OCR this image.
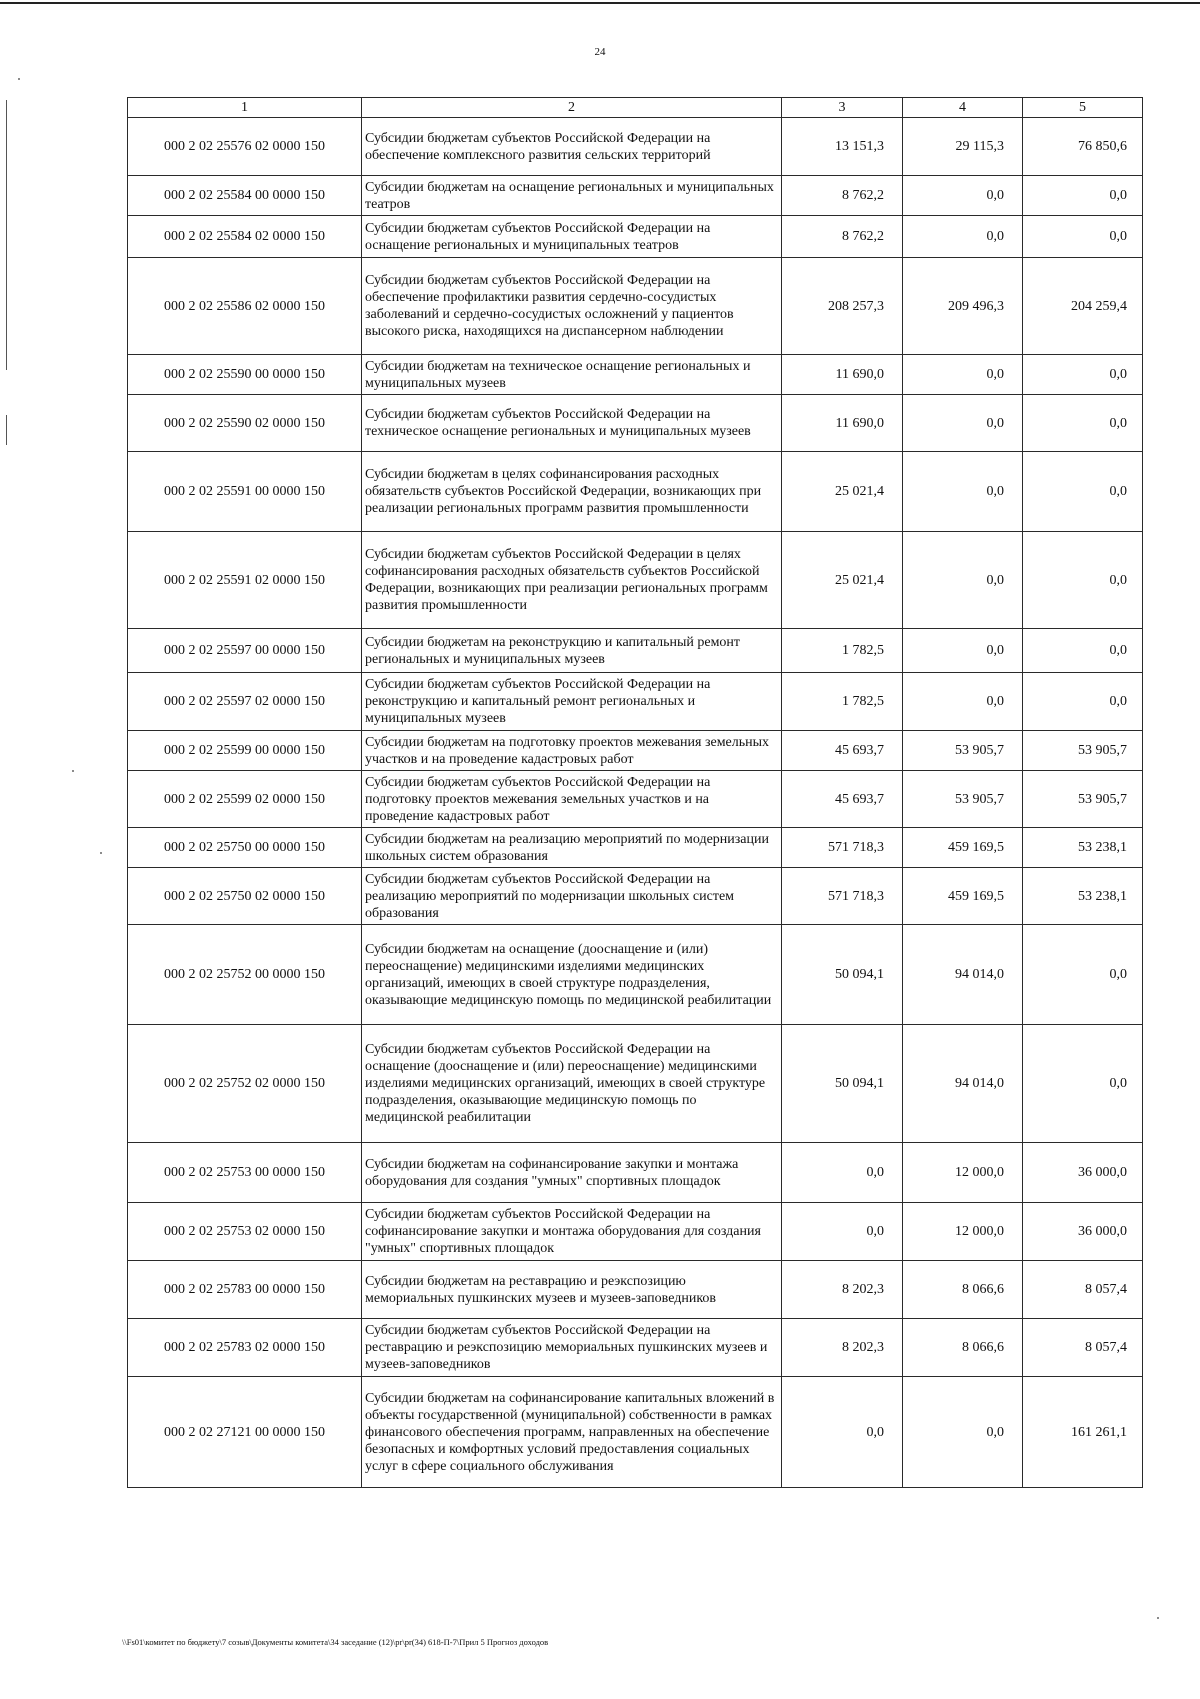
24
1	2	3	4	5
000 2 02 25576 02 0000 150	Субсидии бюджетам субъектов Российской Федерации на обеспечение комплексного развития сельских территорий	13 151,3	29 115,3	76 850,6
000 2 02 25584 00 0000 150	Субсидии бюджетам на оснащение региональных и муниципальных театров	8 762,2	0,0	0,0
000 2 02 25584 02 0000 150	Субсидии бюджетам субъектов Российской Федерации на оснащение региональных и муниципальных театров	8 762,2	0,0	0,0
000 2 02 25586 02 0000 150	Субсидии бюджетам субъектов Российской Федерации на обеспечение профилактики развития сердечно-сосудистых заболеваний и сердечно-сосудистых осложнений у пациентов высокого риска, находящихся на диспансерном наблюдении	208 257,3	209 496,3	204 259,4
000 2 02 25590 00 0000 150	Субсидии бюджетам на техническое оснащение региональных и муниципальных музеев	11 690,0	0,0	0,0
000 2 02 25590 02 0000 150	Субсидии бюджетам субъектов Российской Федерации на техническое оснащение региональных и муниципальных музеев	11 690,0	0,0	0,0
000 2 02 25591 00 0000 150	Субсидии бюджетам в целях софинансирования расходных обязательств субъектов Российской Федерации, возникающих при реализации региональных программ развития промышленности	25 021,4	0,0	0,0
000 2 02 25591 02 0000 150	Субсидии бюджетам субъектов Российской Федерации в целях софинансирования расходных обязательств субъектов Российской Федерации, возникающих при реализации региональных программ развития промышленности	25 021,4	0,0	0,0
000 2 02 25597 00 0000 150	Субсидии бюджетам на реконструкцию и капитальный ремонт региональных и муниципальных музеев	1 782,5	0,0	0,0
000 2 02 25597 02 0000 150	Субсидии бюджетам субъектов Российской Федерации на реконструкцию и капитальный ремонт региональных и муниципальных музеев	1 782,5	0,0	0,0
000 2 02 25599 00 0000 150	Субсидии бюджетам на подготовку проектов межевания земельных участков и на проведение кадастровых работ	45 693,7	53 905,7	53 905,7
000 2 02 25599 02 0000 150	Субсидии бюджетам субъектов Российской Федерации на подготовку проектов межевания земельных участков и на проведение кадастровых работ	45 693,7	53 905,7	53 905,7
000 2 02 25750 00 0000 150	Субсидии бюджетам на реализацию мероприятий по модернизации школьных систем образования	571 718,3	459 169,5	53 238,1
000 2 02 25750 02 0000 150	Субсидии бюджетам субъектов Российской Федерации на реализацию мероприятий по модернизации школьных систем образования	571 718,3	459 169,5	53 238,1
000 2 02 25752 00 0000 150	Субсидии бюджетам на оснащение (дооснащение и (или) переоснащение) медицинскими изделиями медицинских организаций, имеющих в своей структуре подразделения, оказывающие медицинскую помощь по медицинской реабилитации	50 094,1	94 014,0	0,0
000 2 02 25752 02 0000 150	Субсидии бюджетам субъектов Российской Федерации на оснащение (дооснащение и (или) переоснащение) медицинскими изделиями медицинских организаций, имеющих в своей структуре подразделения, оказывающие медицинскую помощь по медицинской реабилитации	50 094,1	94 014,0	0,0
000 2 02 25753 00 0000 150	Субсидии бюджетам на софинансирование закупки и монтажа оборудования для создания "умных" спортивных площадок	0,0	12 000,0	36 000,0
000 2 02 25753 02 0000 150	Субсидии бюджетам субъектов Российской Федерации на софинансирование закупки и монтажа оборудования для создания "умных" спортивных площадок	0,0	12 000,0	36 000,0
000 2 02 25783 00 0000 150	Субсидии бюджетам на реставрацию и реэкспозицию мемориальных пушкинских музеев и музеев-заповедников	8 202,3	8 066,6	8 057,4
000 2 02 25783 02 0000 150	Субсидии бюджетам субъектов Российской Федерации на реставрацию и реэкспозицию мемориальных пушкинских музеев и музеев-заповедников	8 202,3	8 066,6	8 057,4
000 2 02 27121 00 0000 150	Субсидии бюджетам на софинансирование капитальных вложений в объекты государственной (муниципальной) собственности в рамках финансового обеспечения программ, направленных на обеспечение безопасных и комфортных условий предоставления социальных услуг в сфере социального обслуживания	0,0	0,0	161 261,1
\\Fs01\комитет по бюджету\7 созыв\Документы комитета\34 заседание (12)\pr\pr(34) 618-П-7\Прил 5 Прогноз доходов
